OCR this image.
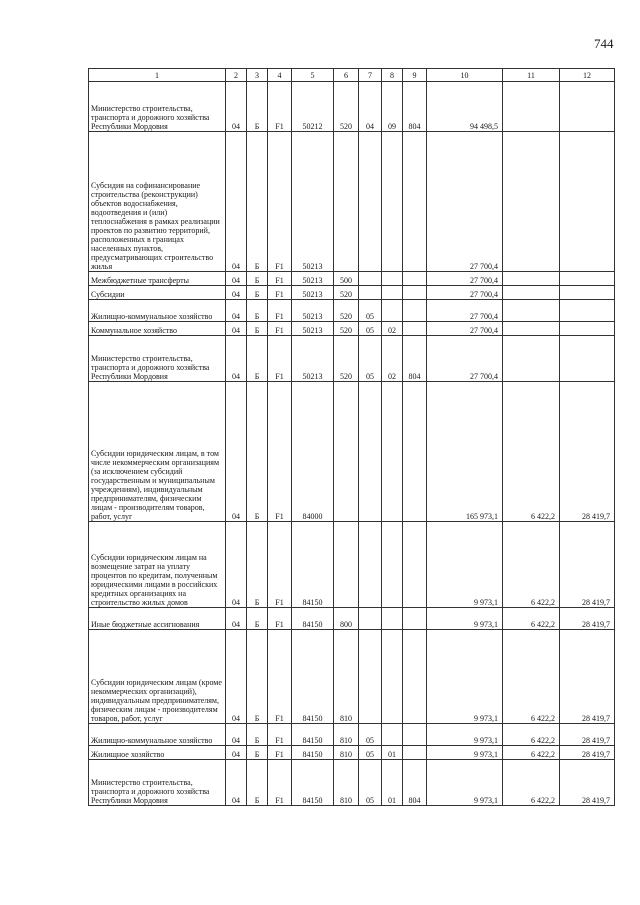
744
1	2	3	4	5	6	7	8	9	10	11	12
Министерство строительства, транспорта и дорожного хозяйства Республики Мордовия	04	Б	F1	50212	520	04	09	804	94 498,5		
Субсидия на софинансирование строительства (реконструкции) объектов водоснабжения, водоотведения и (или) теплоснабжения в рамках реализации проектов по развитию территорий, расположенных в границах населенных пунктов, предусматривающих строительство жилья	04	Б	F1	50213					27 700,4		
Межбюджетные трансферты	04	Б	F1	50213	500				27 700,4		
Субсидии	04	Б	F1	50213	520				27 700,4		
Жилищно-коммунальное хозяйство	04	Б	F1	50213	520	05			27 700,4		
Коммунальное хозяйство	04	Б	F1	50213	520	05	02		27 700,4		
Министерство строительства, транспорта и дорожного хозяйства Республики Мордовия	04	Б	F1	50213	520	05	02	804	27 700,4		
Субсидии юридическим лицам, в том числе некоммерческим организациям (за исключением субсидий государственным и муниципальным учреждениям), индивидуальным предпринимателям, физическим лицам - производителям товаров, работ, услуг	04	Б	F1	84000					165 973,1	6 422,2	28 419,7
Субсидии юридическим лицам на возмещение затрат на уплату процентов по кредитам, полученным юридическими лицами в российских кредитных организациях на строительство жилых домов	04	Б	F1	84150					9 973,1	6 422,2	28 419,7
Иные бюджетные ассигнования	04	Б	F1	84150	800				9 973,1	6 422,2	28 419,7
Субсидии юридическим лицам (кроме некоммерческих организаций), индивидуальным предпринимателям, физическим лицам - производителям товаров, работ, услуг	04	Б	F1	84150	810				9 973,1	6 422,2	28 419,7
Жилищно-коммунальное хозяйство	04	Б	F1	84150	810	05			9 973,1	6 422,2	28 419,7
Жилищное хозяйство	04	Б	F1	84150	810	05	01		9 973,1	6 422,2	28 419,7
Министерство строительства, транспорта и дорожного хозяйства Республики Мордовия	04	Б	F1	84150	810	05	01	804	9 973,1	6 422,2	28 419,7
